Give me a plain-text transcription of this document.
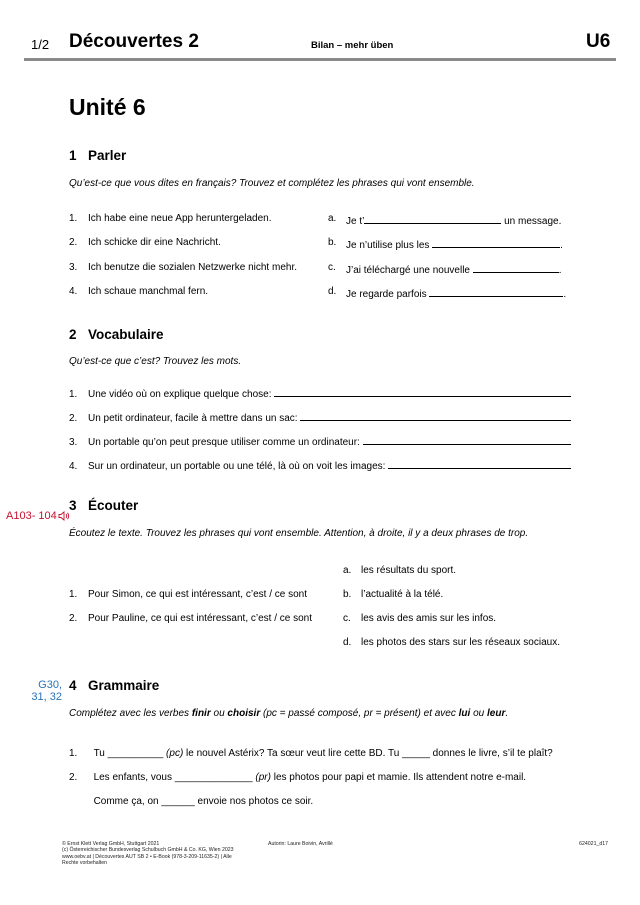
1/2 Découvertes 2	Bilan – mehr üben	U6
Unité 6
1 Parler
Qu’est-ce que vous dites en français? Trouvez et complétez les phrases qui vont ensemble.
1. Ich habe eine neue App heruntergeladen.
2. Ich schicke dir eine Nachricht.
3. Ich benutze die sozialen Netzwerke nicht mehr.
4. Ich schaue manchmal fern.
a. Je t’	un message.
b. Je n’utilise plus les	.
c. J’ai téléchargé une nouvelle	.
d. Je regarde parfois	.
2 Vocabulaire
Qu’est-ce que c’est? Trouvez les mots.
1.	Une vidéo où on explique quelque chose:
2.	Un petit ordinateur, facile à mettre dans un sac:
3.	Un portable qu’on peut presque utiliser comme un ordinateur:
4.	Sur un ordinateur, un portable ou une télé, là où on voit les images:
A103- 104
3 Écouter
Écoutez le texte. Trouvez les phrases qui vont ensemble. Attention, à droite, il y a deux phrases de trop.
1. Pour Simon, ce qui est intéressant, c’est / ce sont
2. Pour Pauline, ce qui est intéressant, c’est / ce sont
a. les résultats du sport.
b. l’actualité à la télé.
c. les avis des amis sur les infos.
d. les photos des stars sur les réseaux sociaux.
G30,
31, 32
4 Grammaire
Complétez avec les verbes finir ou choisir (pc = passé composé, pr = présent) et avec lui ou leur.

1. Tu __________ (pc) le nouvel Astérix? Ta sœur veut lire cette BD. Tu _____ donnes le livre, s’il te plaît?

2. Les enfants, vous ______________ (pr) les photos pour papi et mamie. Ils attendent notre e-mail.

Comme ça, on ______ envoie nos photos ce soir.

© Ernst Klett Verlag GmbH, Stuttgart 2021
(c) Österreichischer Bundesverlag Schulbuch GmbH & Co. KG, Wien 2023
www.oebv.at | Découvertes AUT SB 2 • E-Book (978-3-209-11635-2) | Alle
Rechte vorbehalten
Autorin: Laure Boivin, Avrillé	624021_d17
